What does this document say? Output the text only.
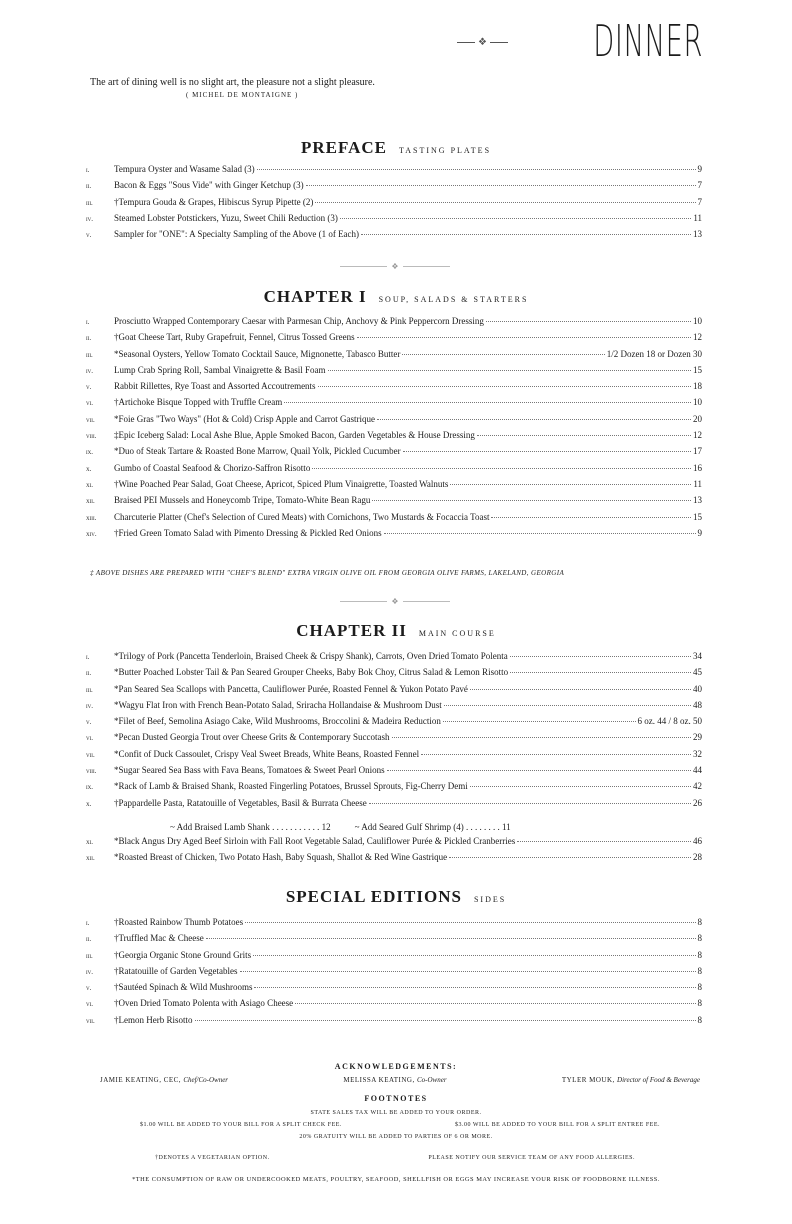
❖	DINNER
The art of dining well is no slight art, the pleasure not a slight pleasure.
( MICHEL DE MONTAIGNE )
PREFACE TASTING PLATES
i.	Tempura Oyster and Wasame Salad (3)	9
ii.	Bacon & Eggs "Sous Vide" with Ginger Ketchup (3)	7
iii.	†Tempura Gouda & Grapes, Hibiscus Syrup Pipette (2)	7
iv.	Steamed Lobster Potstickers, Yuzu, Sweet Chili Reduction (3)	11
v.	Sampler for "ONE": A Specialty Sampling of the Above (1 of Each)	13
❖
CHAPTER I SOUP, SALADS & STARTERS
i.	Prosciutto Wrapped Contemporary Caesar with Parmesan Chip, Anchovy & Pink Peppercorn Dressing	10
ii.	†Goat Cheese Tart, Ruby Grapefruit, Fennel, Citrus Tossed Greens	12
iii.	*Seasonal Oysters, Yellow Tomato Cocktail Sauce, Mignonette, Tabasco Butter	1/2 Dozen 18 or Dozen 30
iv.	Lump Crab Spring Roll, Sambal Vinaigrette & Basil Foam	15
v.	Rabbit Rillettes, Rye Toast and Assorted Accoutrements	18
vi.	†Artichoke Bisque Topped with Truffle Cream	10
vii.	*Foie Gras "Two Ways" (Hot & Cold) Crisp Apple and Carrot Gastrique	20
viii.	‡Epic Iceberg Salad: Local Ashe Blue, Apple Smoked Bacon, Garden Vegetables & House Dressing	12
ix.	*Duo of Steak Tartare & Roasted Bone Marrow, Quail Yolk, Pickled Cucumber	17
x.	Gumbo of Coastal Seafood & Chorizo-Saffron Risotto	16
xi.	†Wine Poached Pear Salad, Goat Cheese, Apricot, Spiced Plum Vinaigrette, Toasted Walnuts	11
xii.	Braised PEI Mussels and Honeycomb Tripe, Tomato-White Bean Ragu	13
xiii.	Charcuterie Platter (Chef's Selection of Cured Meats) with Cornichons, Two Mustards & Focaccia Toast	15
xiv.	†Fried Green Tomato Salad with Pimento Dressing & Pickled Red Onions	9
‡ ABOVE DISHES ARE PREPARED WITH "CHEF'S BLEND" EXTRA VIRGIN OLIVE OIL FROM GEORGIA OLIVE FARMS, LAKELAND, GEORGIA
❖
CHAPTER II MAIN COURSE
i.	*Trilogy of Pork (Pancetta Tenderloin, Braised Cheek & Crispy Shank), Carrots, Oven Dried Tomato Polenta	34
ii.	*Butter Poached Lobster Tail & Pan Seared Grouper Cheeks, Baby Bok Choy, Citrus Salad & Lemon Risotto	45
iii.	*Pan Seared Sea Scallops with Pancetta, Cauliflower Purée, Roasted Fennel & Yukon Potato Pavé	40
iv.	*Wagyu Flat Iron with French Bean-Potato Salad, Sriracha Hollandaise & Mushroom Dust	48
v.	*Filet of Beef, Semolina Asiago Cake, Wild Mushrooms, Broccolini & Madeira Reduction	6 oz. 44 / 8 oz. 50
vi.	*Pecan Dusted Georgia Trout over Cheese Grits & Contemporary Succotash	29
vii.	*Confit of Duck Cassoulet, Crispy Veal Sweet Breads, White Beans, Roasted Fennel	32
viii.	*Sugar Seared Sea Bass with Fava Beans, Tomatoes & Sweet Pearl Onions	44
ix.	*Rack of Lamb & Braised Shank, Roasted Fingerling Potatoes, Brussel Sprouts, Fig-Cherry Demi	42
x.	†Pappardelle Pasta, Ratatouille of Vegetables, Basil & Burrata Cheese	26
~ Add Braised Lamb Shank . . . . . . . . . . . 12	~ Add Seared Gulf Shrimp (4) . . . . . . . . 11
xi.	*Black Angus Dry Aged Beef Sirloin with Fall Root Vegetable Salad, Cauliflower Purée & Pickled Cranberries	46
xii.	*Roasted Breast of Chicken, Two Potato Hash, Baby Squash, Shallot & Red Wine Gastrique	28
SPECIAL EDITIONS SIDES
i.	†Roasted Rainbow Thumb Potatoes	8
ii.	†Truffled Mac & Cheese	8
iii.	†Georgia Organic Stone Ground Grits	8
iv.	†Ratatouille of Garden Vegetables	8
v.	†Sautéed Spinach & Wild Mushrooms	8
vi.	†Oven Dried Tomato Polenta with Asiago Cheese	8
vii.	†Lemon Herb Risotto	8
ACKNOWLEDGEMENTS:
JAMIE KEATING, CEC, Chef/Co-Owner	MELISSA KEATING, Co-Owner	TYLER MOUK, Director of Food & Beverage
FOOTNOTES
STATE SALES TAX WILL BE ADDED TO YOUR ORDER.
$1.00 WILL BE ADDED TO YOUR BILL FOR A SPLIT CHECK FEE.	$3.00 WILL BE ADDED TO YOUR BILL FOR A SPLIT ENTREE FEE.
20% GRATUITY WILL BE ADDED TO PARTIES OF 6 OR MORE.
†DENOTES A VEGETARIAN OPTION.	PLEASE NOTIFY OUR SERVICE TEAM OF ANY FOOD ALLERGIES.
*THE CONSUMPTION OF RAW OR UNDERCOOKED MEATS, POULTRY, SEAFOOD, SHELLFISH OR EGGS MAY INCREASE YOUR RISK OF FOODBORNE ILLNESS.
